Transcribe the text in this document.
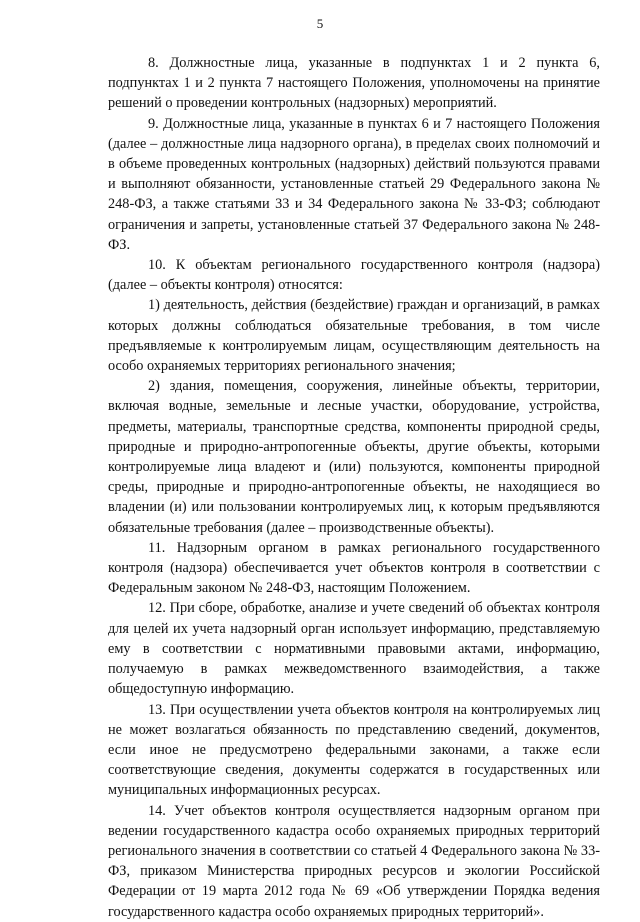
5

8. Должностные лица, указанные в подпунктах 1 и 2 пункта 6, подпунктах 1 и 2 пункта 7 настоящего Положения, уполномочены на принятие решений о проведении контрольных (надзорных) мероприятий.

9. Должностные лица, указанные в пунктах 6 и 7 настоящего Положения (далее – должностные лица надзорного органа), в пределах своих полномочий и в объеме проведенных контрольных (надзорных) действий пользуются правами и выполняют обязанности, установленные статьей 29 Федерального закона № 248-ФЗ, а также статьями 33 и 34 Федерального закона № 33-ФЗ; соблюдают ограничения и запреты, установленные статьей 37 Федерального закона № 248-ФЗ.

10. К объектам регионального государственного контроля (надзора) (далее – объекты контроля) относятся:

1) деятельность, действия (бездействие) граждан и организаций, в рамках которых должны соблюдаться обязательные требования, в том числе предъявляемые к контролируемым лицам, осуществляющим деятельность на особо охраняемых территориях регионального значения;

2) здания, помещения, сооружения, линейные объекты, территории, включая водные, земельные и лесные участки, оборудование, устройства, предметы, материалы, транспортные средства, компоненты природной среды, природные и природно-антропогенные объекты, другие объекты, которыми контролируемые лица владеют и (или) пользуются, компоненты природной среды, природные и природно-антропогенные объекты, не находящиеся во владении (и) или пользовании контролируемых лиц, к которым предъявляются обязательные требования (далее – производственные объекты).

11. Надзорным органом в рамках регионального государственного контроля (надзора) обеспечивается учет объектов контроля в соответствии с Федеральным законом № 248-ФЗ, настоящим Положением.

12. При сборе, обработке, анализе и учете сведений об объектах контроля для целей их учета надзорный орган использует информацию, представляемую ему в соответствии с нормативными правовыми актами, информацию, получаемую в рамках межведомственного взаимодействия, а также общедоступную информацию.

13. При осуществлении учета объектов контроля на контролируемых лиц не может возлагаться обязанность по представлению сведений, документов, если иное не предусмотрено федеральными законами, а также если соответствующие сведения, документы содержатся в государственных или муниципальных информационных ресурсах.

14. Учет объектов контроля осуществляется надзорным органом при ведении государственного кадастра особо охраняемых природных территорий регионального значения в соответствии со статьей 4 Федерального закона № 33-ФЗ, приказом Министерства природных ресурсов и экологии Российской Федерации от 19 марта 2012 года № 69 «Об утверждении Порядка ведения государственного кадастра особо охраняемых природных территорий».
